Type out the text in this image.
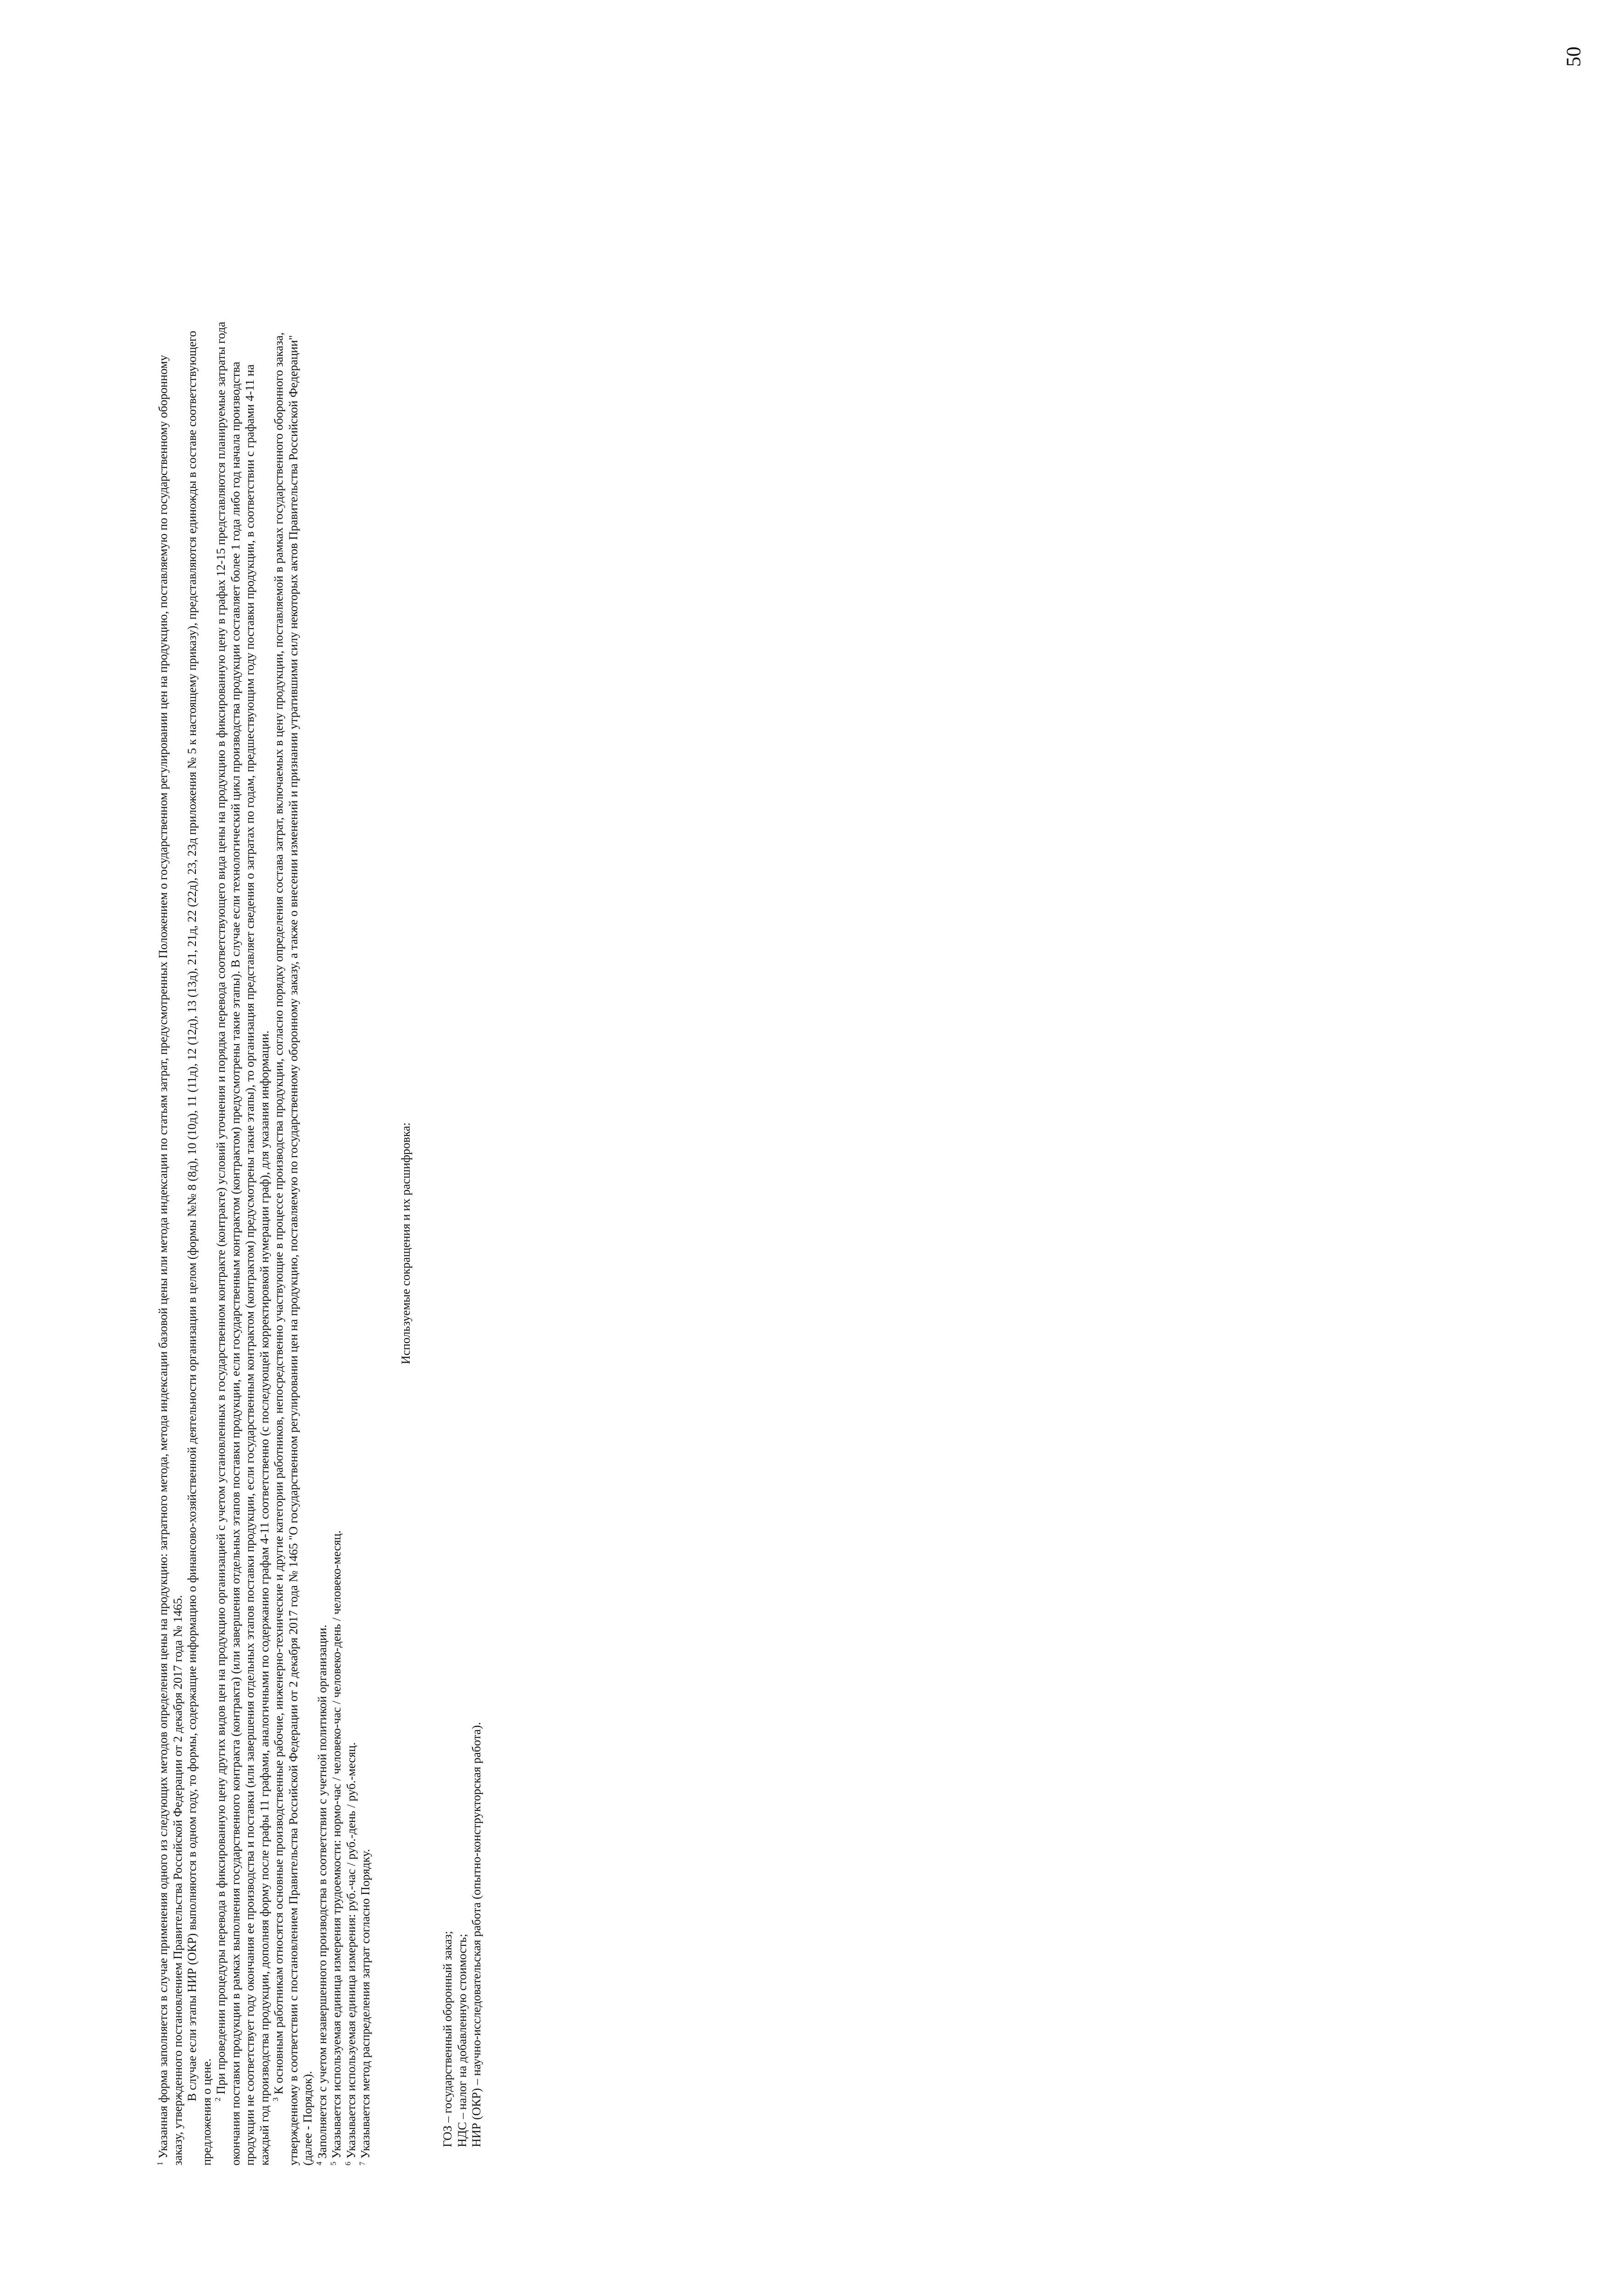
50

$^1$ Указанная форма заполняется в случае применения одного из следующих методов определения цены на продукцию: затратного метода, метода индексации базовой цены или метода индексации по статьям затрат, предусмотренных Положением о государственном регулировании цен на продукцию, поставляемую по государственному оборонному заказу, утвержденного постановлением Правительства Российской Федерации от 2 декабря 2017 года № 1465. В случае если этапы НИР (ОКР) выполняются в одном году, то формы, содержащие информацию о финансово-хозяйственной деятельности организации в целом (формы №№ 8 (8д), 10 (10д), 11 (11д), 12 (12д), 13 (13д), 21, 21д, 22 (22д), 23, 23д приложения № 5 к настоящему приказу), представляются единожды в составе соответствующего предложения о цене. $^2$ При проведении процедуры перевода в фиксированную цену других видов цен на продукцию организацией с учетом установленных в государственном контракте (контракте) условий уточнения и порядка перевода соответствующего вида цены на продукцию в фиксированную цену в графах 12-15 представляются планируемые затраты года окончания поставки продукции в рамках выполнения государственного контракта (контракта) (или завершения отдельных этапов поставки продукции, если государственным контрактом (контрактом) предусмотрены такие этапы). В случае если технологический цикл производства продукции составляет более 1 года либо год начала производства продукции не соответствует году окончания ее производства и поставки (или завершения отдельных этапов поставки продукции, если государственным контрактом (контрактом) предусмотрены такие этапы), то организация представляет сведения о затратах по годам, предшествующим году поставки продукции, в соответствии с графами 4-11 на каждый год производства продукции, дополняя форму после графы 11 графами, аналогичными по содержанию графам 4-11 соответственно (с последующей корректировкой нумерации граф), для указания информации. $^3$ К основным работникам относятся основные производственные рабочие, инженерно-технические и другие категории работников, непосредственно участвующие в процессе производства продукции, согласно порядку определения состава затрат, включаемых в цену продукции, поставляемой в рамках государственного оборонного заказа, утвержденному в соответствии с постановлением Правительства Российской Федерации от 2 декабря 2017 года № 1465 "О государственном регулировании цен на продукцию, поставляемую по государственному оборонному заказу, а также о внесении изменений и признании утратившими силу некоторых актов Правительства Российской Федерации" (далее - Порядок). $^4$ Заполняется с учетом незавершенного производства в соответствии с учетной политикой организации.

$^5$ Указывается используемая единица измерения трудоемкости: нормо-час / человеко-час / человеко-день / человеко-месяц.

$^6$ Указывается используемая единица измерения: руб.-час / руб.-день / руб.-месяц.

$^7$ Указывается метод распределения затрат согласно Порядку.

Используемые сокращения и их расшифровка:

ГОЗ – государственный оборонный заказ; НДС – налог на добавленную стоимость; НИР (ОКР) – научно-исследовательская работа (опытно-конструкторская работа).
